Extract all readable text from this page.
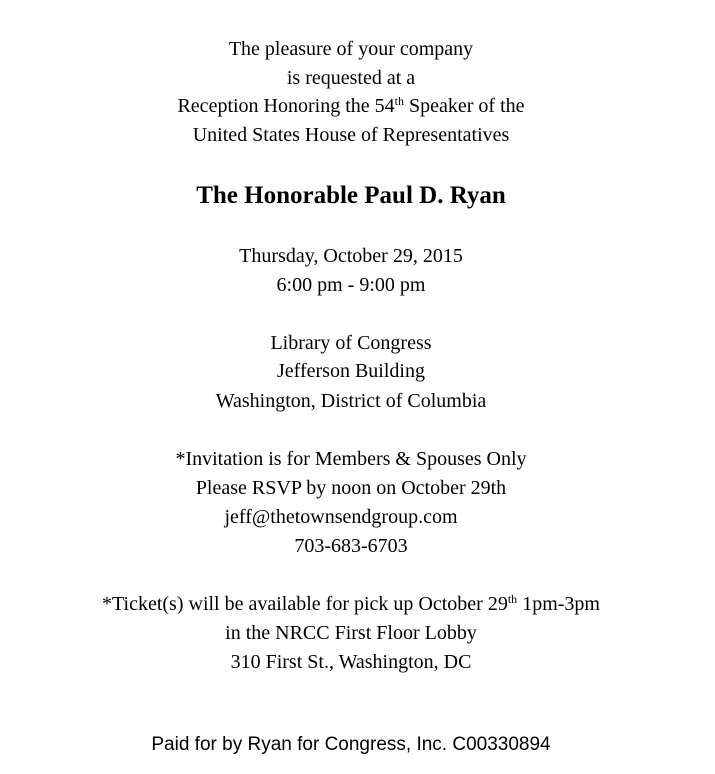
The pleasure of your company
is requested at a
Reception Honoring the 54th Speaker of the
United States House of Representatives
The Honorable Paul D. Ryan
Thursday, October 29, 2015
6:00 pm - 9:00 pm
Library of Congress
Jefferson Building
Washington, District of Columbia
*Invitation is for Members & Spouses Only
Please RSVP by noon on October 29th
jeff@thetownsendgroup.com
703-683-6703
*Ticket(s) will be available for pick up October 29th 1pm-3pm
in the NRCC First Floor Lobby
310 First St., Washington, DC
Paid for by Ryan for Congress, Inc. C00330894
